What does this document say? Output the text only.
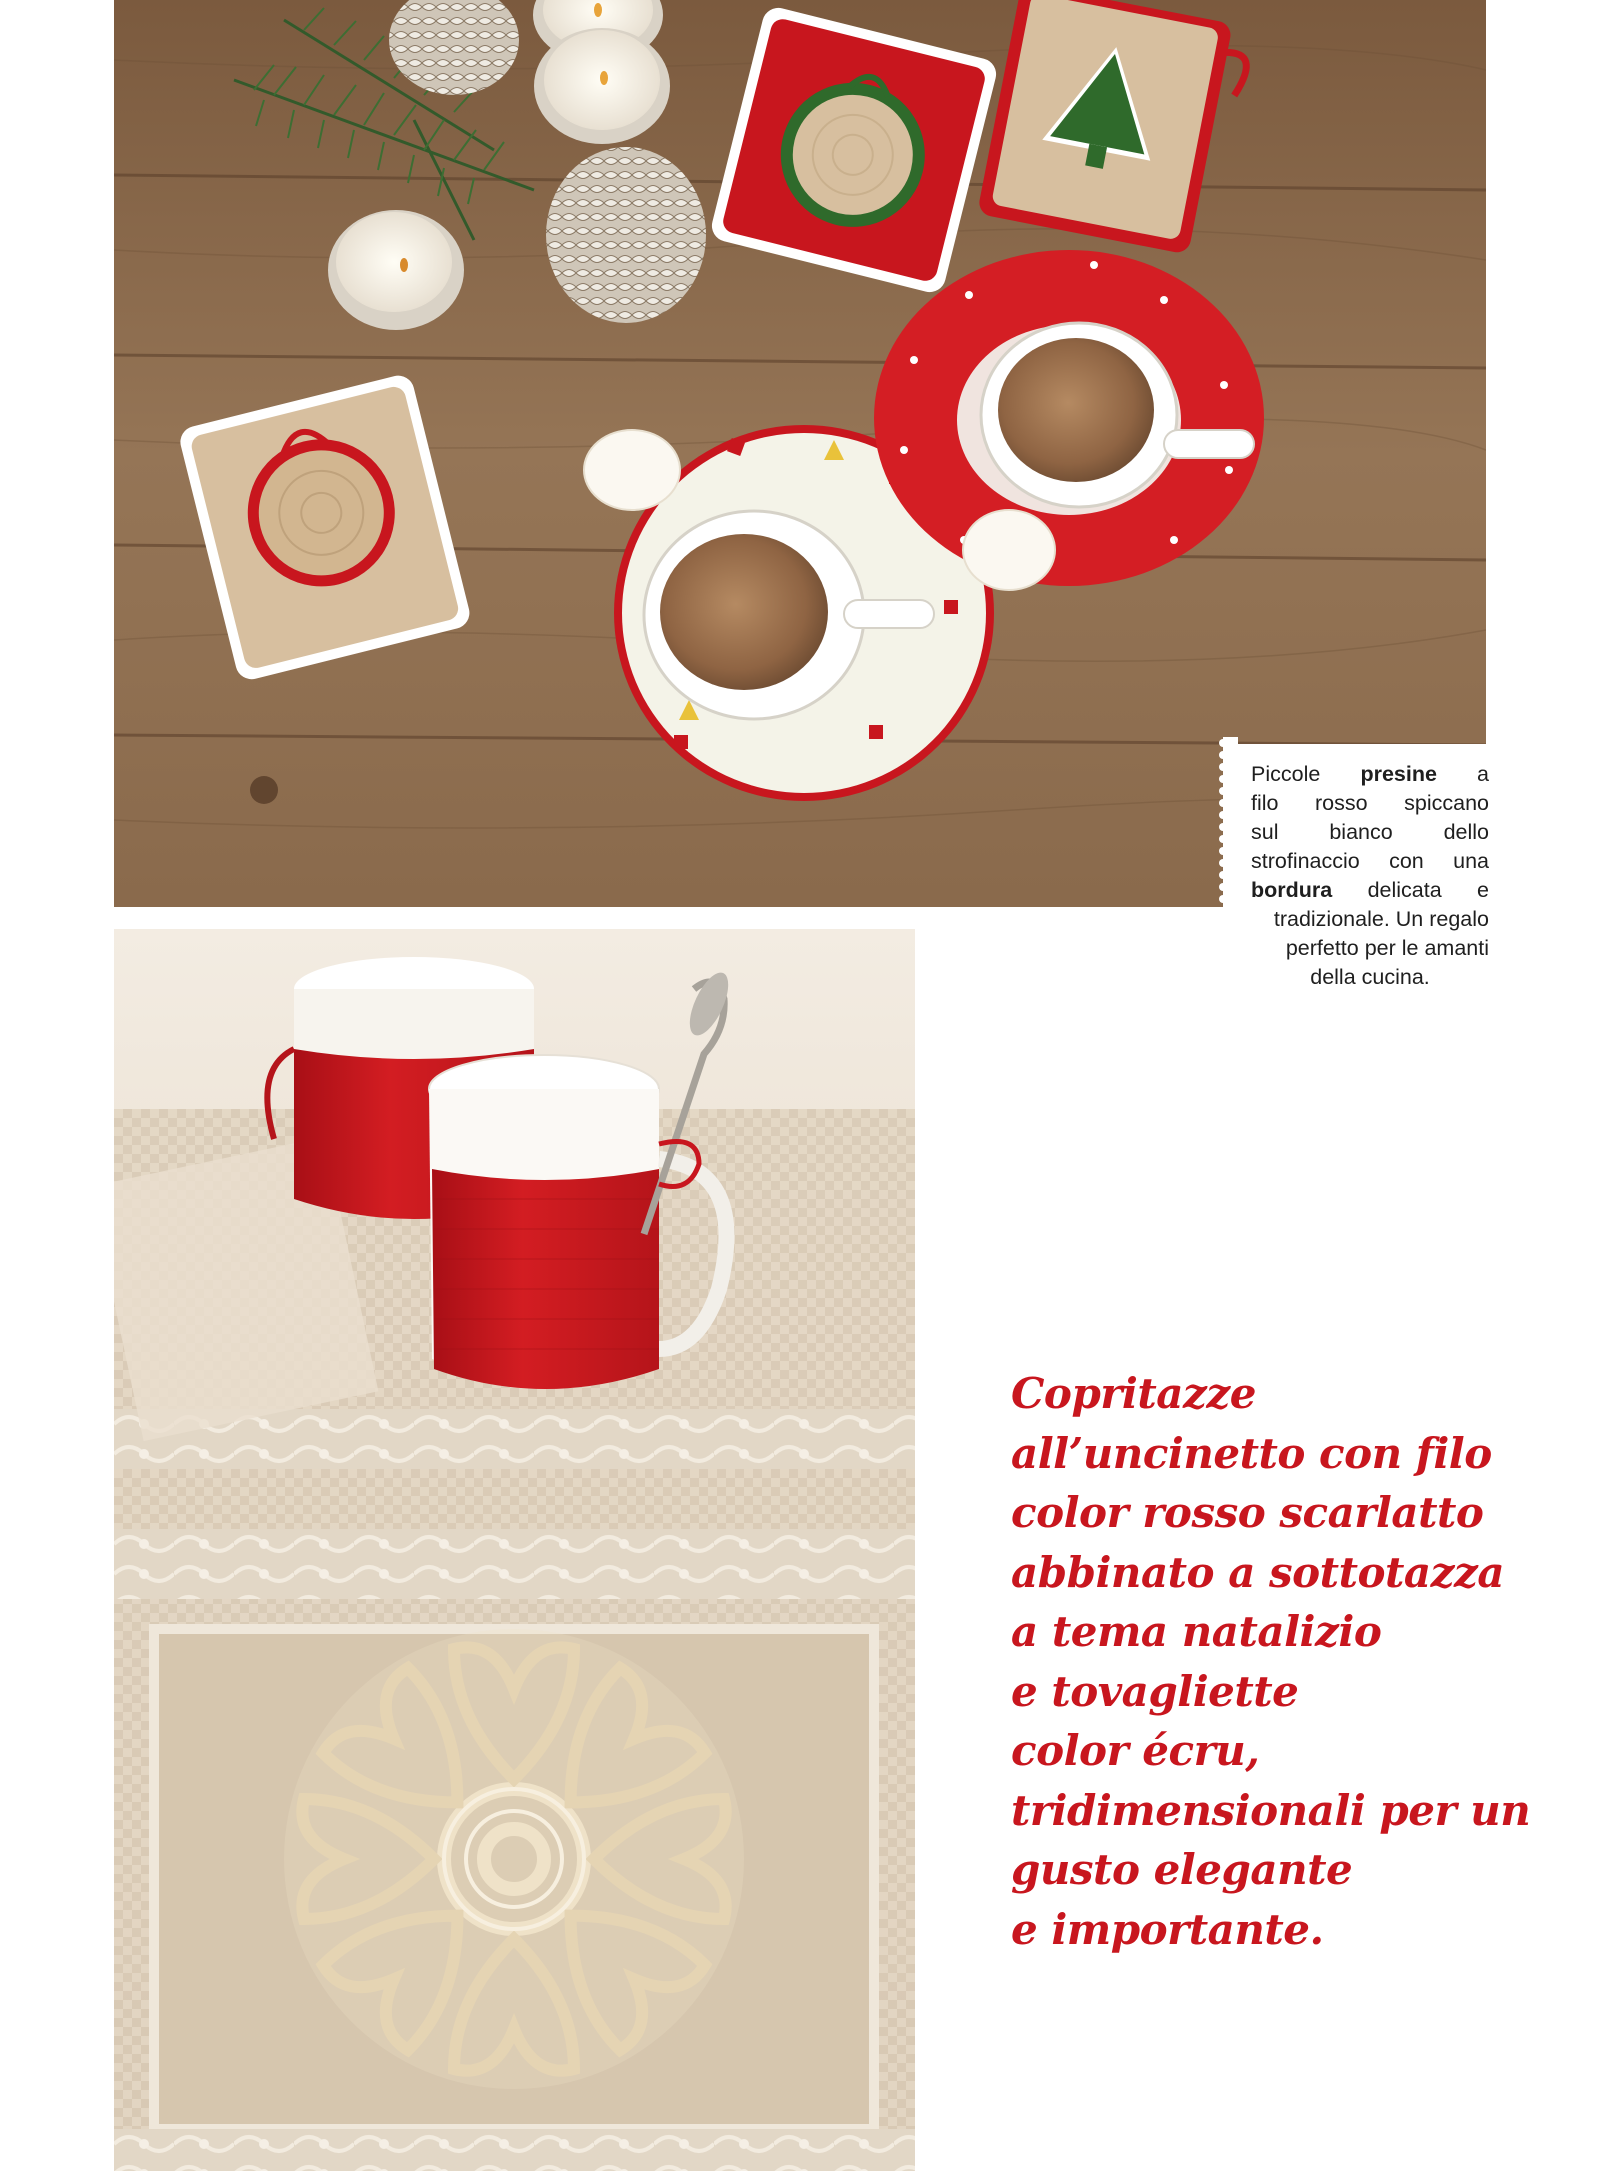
Piccole presine a
filo rosso spiccano
sul bianco dello
strofinaccio con una
bordura delicata e
tradizionale. Un regalo
perfetto per le amanti
della cucina.
Copritazze
all’uncinetto con filo
color rosso scarlatto
abbinato a sottotazza
a tema natalizio
e tovagliette
color écru,
tridimensionali per un
gusto elegante
e importante.
